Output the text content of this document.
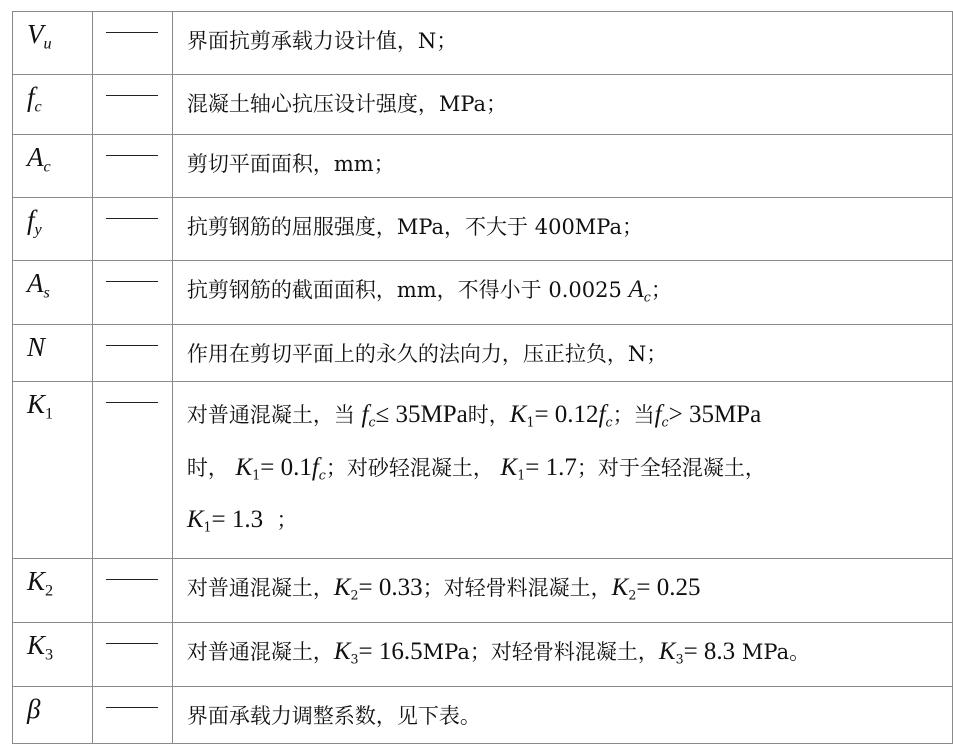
$V_u$		界面抗剪承载力设计值，N；
$f_c$		混凝土轴心抗压设计强度，MPa；
$A_c$		剪切平面面积，mm；
$f_y$		抗剪钢筋的屈服强度，MPa，不大于 400MPa；
$A_s$		抗剪钢筋的截面面积，mm，不得小于 0.0025 $A_c$；
N		作用在剪切平面上的永久的法向力，压正拉负，N；
$K_1$		对普通混凝土，当 $f_c\le 35MPa$时，$K_1= 0.12f_c$；当$f_c> 35MPa$
时， $K_1= 0.1f_c$；对砂轻混凝土， $K_1= 1.7$；对于全轻混凝土，
$K_1= 1.3$ ；
$K_2$		对普通混凝土，$K_2= 0.33$；对轻骨料混凝土，$K_2= 0.25$
$K_3$		对普通混凝土，$K_3= 16.5MPa$；对轻骨料混凝土，$K_3= 8.3$ MPa。
β		界面承载力调整系数，见下表。
